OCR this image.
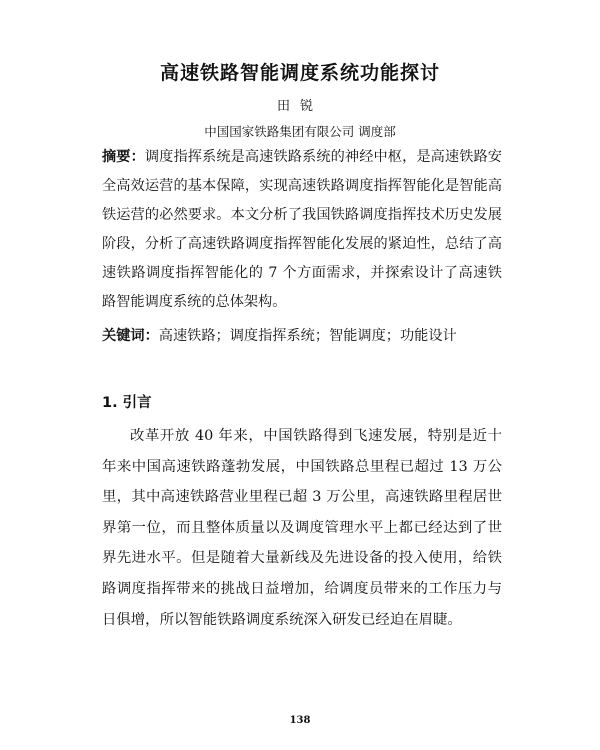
高速铁路智能调度系统功能探讨
田锐
中国国家铁路集团有限公司 调度部
摘要：调度指挥系统是高速铁路系统的神经中枢，是高速铁路安全高效运营的基本保障，实现高速铁路调度指挥智能化是智能高铁运营的必然要求。本文分析了我国铁路调度指挥技术历史发展阶段，分析了高速铁路调度指挥智能化发展的紧迫性，总结了高速铁路调度指挥智能化的 7 个方面需求，并探索设计了高速铁路智能调度系统的总体架构。
关键词：高速铁路；调度指挥系统；智能调度；功能设计
1. 引言
改革开放 40 年来，中国铁路得到飞速发展，特别是近十年来中国高速铁路蓬勃发展，中国铁路总里程已超过 13 万公里，其中高速铁路营业里程已超 3 万公里，高速铁路里程居世界第一位，而且整体质量以及调度管理水平上都已经达到了世界先进水平。但是随着大量新线及先进设备的投入使用，给铁路调度指挥带来的挑战日益增加，给调度员带来的工作压力与日俱增，所以智能铁路调度系统深入研发已经迫在眉睫。
138
